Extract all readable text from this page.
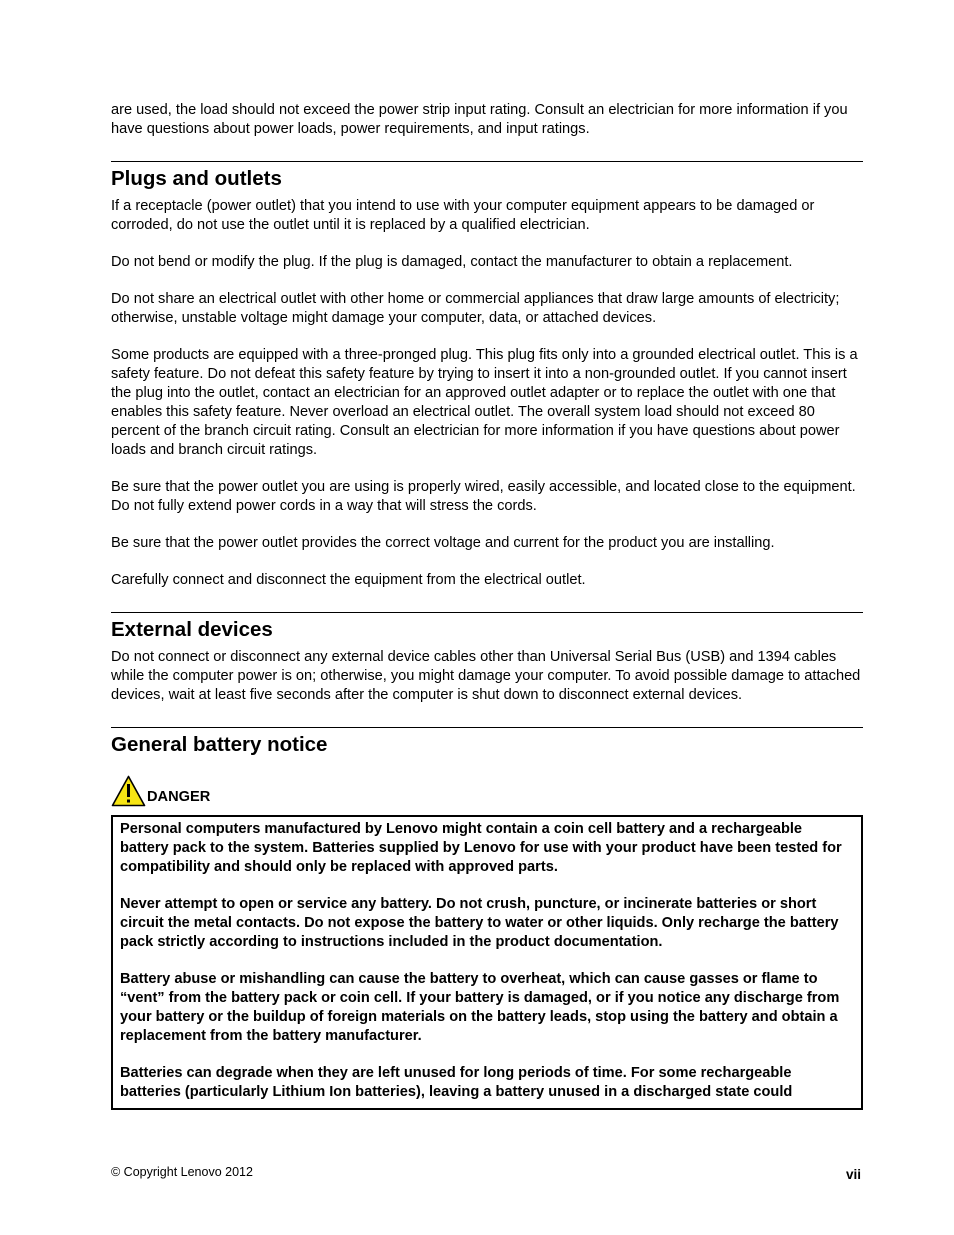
are used, the load should not exceed the power strip input rating. Consult an electrician for more information if you have questions about power loads, power requirements, and input ratings.

Plugs and outlets

If a receptacle (power outlet) that you intend to use with your computer equipment appears to be damaged or corroded, do not use the outlet until it is replaced by a qualified electrician.

Do not bend or modify the plug. If the plug is damaged, contact the manufacturer to obtain a replacement.

Do not share an electrical outlet with other home or commercial appliances that draw large amounts of electricity; otherwise, unstable voltage might damage your computer, data, or attached devices.

Some products are equipped with a three-pronged plug. This plug fits only into a grounded electrical outlet. This is a safety feature. Do not defeat this safety feature by trying to insert it into a non-grounded outlet. If you cannot insert the plug into the outlet, contact an electrician for an approved outlet adapter or to replace the outlet with one that enables this safety feature. Never overload an electrical outlet. The overall system load should not exceed 80 percent of the branch circuit rating. Consult an electrician for more information if you have questions about power loads and branch circuit ratings.

Be sure that the power outlet you are using is properly wired, easily accessible, and located close to the equipment. Do not fully extend power cords in a way that will stress the cords.

Be sure that the power outlet provides the correct voltage and current for the product you are installing.

Carefully connect and disconnect the equipment from the electrical outlet.

External devices

Do not connect or disconnect any external device cables other than Universal Serial Bus (USB) and 1394 cables while the computer power is on; otherwise, you might damage your computer. To avoid possible damage to attached devices, wait at least five seconds after the computer is shut down to disconnect external devices.

General battery notice
DANGER

Personal computers manufactured by Lenovo might contain a coin cell battery and a rechargeable battery pack to the system. Batteries supplied by Lenovo for use with your product have been tested for compatibility and should only be replaced with approved parts.

Never attempt to open or service any battery. Do not crush, puncture, or incinerate batteries or short circuit the metal contacts. Do not expose the battery to water or other liquids. Only recharge the battery pack strictly according to instructions included in the product documentation.

Battery abuse or mishandling can cause the battery to overheat, which can cause gasses or flame to “vent” from the battery pack or coin cell. If your battery is damaged, or if you notice any discharge from your battery or the buildup of foreign materials on the battery leads, stop using the battery and obtain a replacement from the battery manufacturer.

Batteries can degrade when they are left unused for long periods of time. For some rechargeable batteries (particularly Lithium Ion batteries), leaving a battery unused in a discharged state could

© Copyright Lenovo 2012	vii
